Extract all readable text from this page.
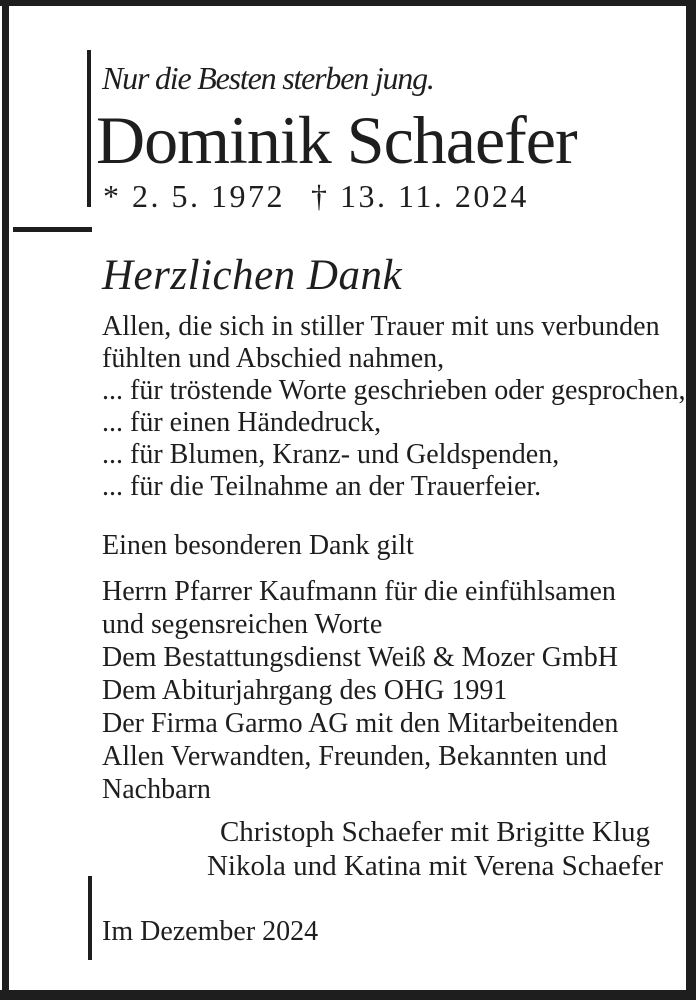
Nur die Besten sterben jung.
Dominik Schaefer
* 2. 5. 1972 † 13. 11. 2024
Herzlichen Dank
Allen, die sich in stiller Trauer mit uns verbunden
fühlten und Abschied nahmen,
... für tröstende Worte geschrieben oder gesprochen,
... für einen Händedruck,
... für Blumen, Kranz- und Geldspenden,
... für die Teilnahme an der Trauerfeier.
Einen besonderen Dank gilt
Herrn Pfarrer Kaufmann für die einfühlsamen
und segensreichen Worte
Dem Bestattungsdienst Weiß & Mozer GmbH
Dem Abiturjahrgang des OHG 1991
Der Firma Garmo AG mit den Mitarbeitenden
Allen Verwandten, Freunden, Bekannten und
Nachbarn
Christoph Schaefer mit Brigitte Klug
Nikola und Katina mit Verena Schaefer
Im Dezember 2024
